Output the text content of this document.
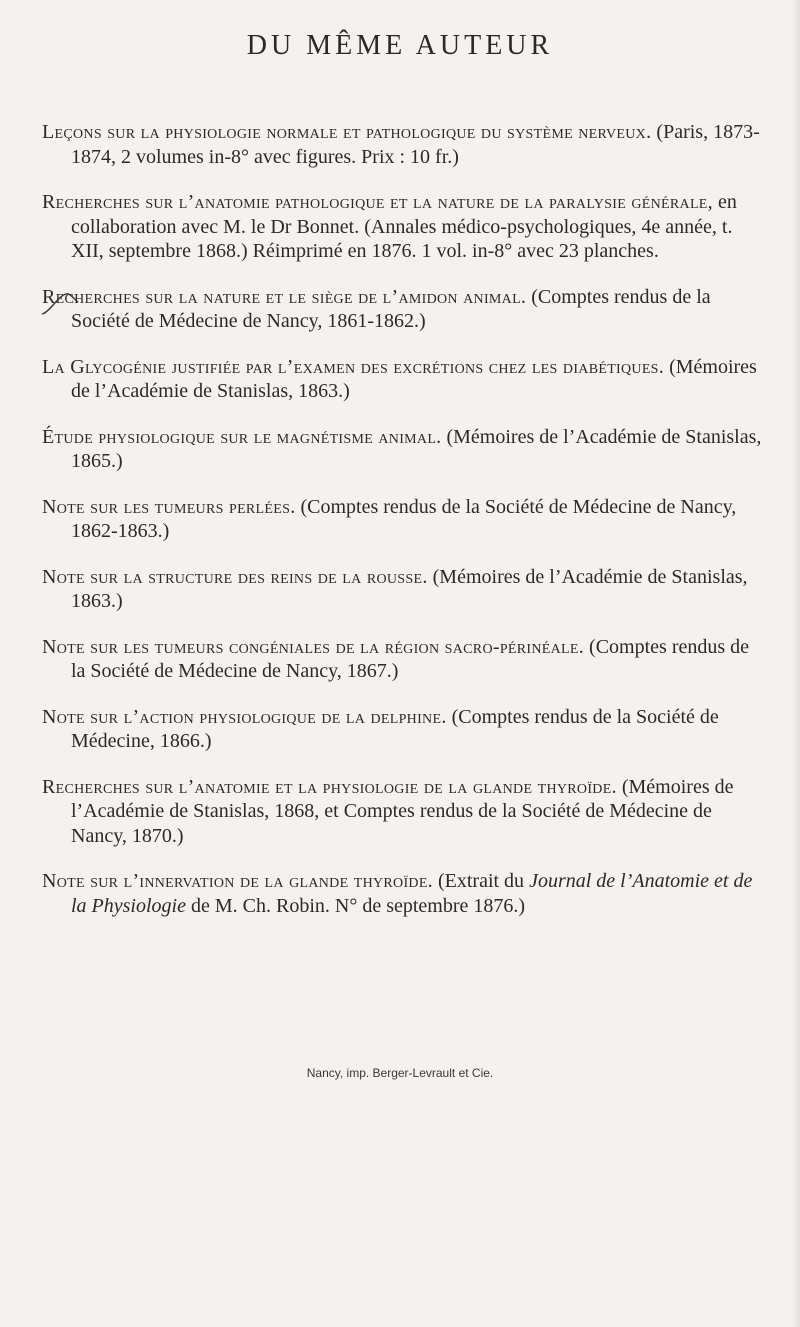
DU MÊME AUTEUR

Leçons sur la physiologie normale et pathologique du système nerveux. (Paris, 1873-1874, 2 volumes in-8° avec figures. Prix : 10 fr.)

Recherches sur l’anatomie pathologique et la nature de la paralysie générale, en collaboration avec M. le Dr Bonnet. (Annales médico-psychologiques, 4e année, t. XII, septembre 1868.) Réimprimé en 1876. 1 vol. in-8° avec 23 planches.

Recherches sur la nature et le siège de l’amidon animal. (Comptes rendus de la Société de Médecine de Nancy, 1861-1862.)

La Glycogénie justifiée par l’examen des excrétions chez les diabétiques. (Mémoires de l’Académie de Stanislas, 1863.)

Étude physiologique sur le magnétisme animal. (Mémoires de l’Académie de Stanislas, 1865.)

Note sur les tumeurs perlées. (Comptes rendus de la Société de Médecine de Nancy, 1862-1863.)

Note sur la structure des reins de la rousse. (Mémoires de l’Académie de Stanislas, 1863.)

Note sur les tumeurs congéniales de la région sacro-périnéale. (Comptes rendus de la Société de Médecine de Nancy, 1867.)

Note sur l’action physiologique de la delphine. (Comptes rendus de la Société de Médecine, 1866.)

Recherches sur l’anatomie et la physiologie de la glande thyroïde. (Mémoires de l’Académie de Stanislas, 1868, et Comptes rendus de la Société de Médecine de Nancy, 1870.)

Note sur l’innervation de la glande thyroïde. (Extrait du Journal de l’Anatomie et de la Physiologie de M. Ch. Robin. N° de septembre 1876.)

Nancy, imp. Berger-Levrault et Cie.
